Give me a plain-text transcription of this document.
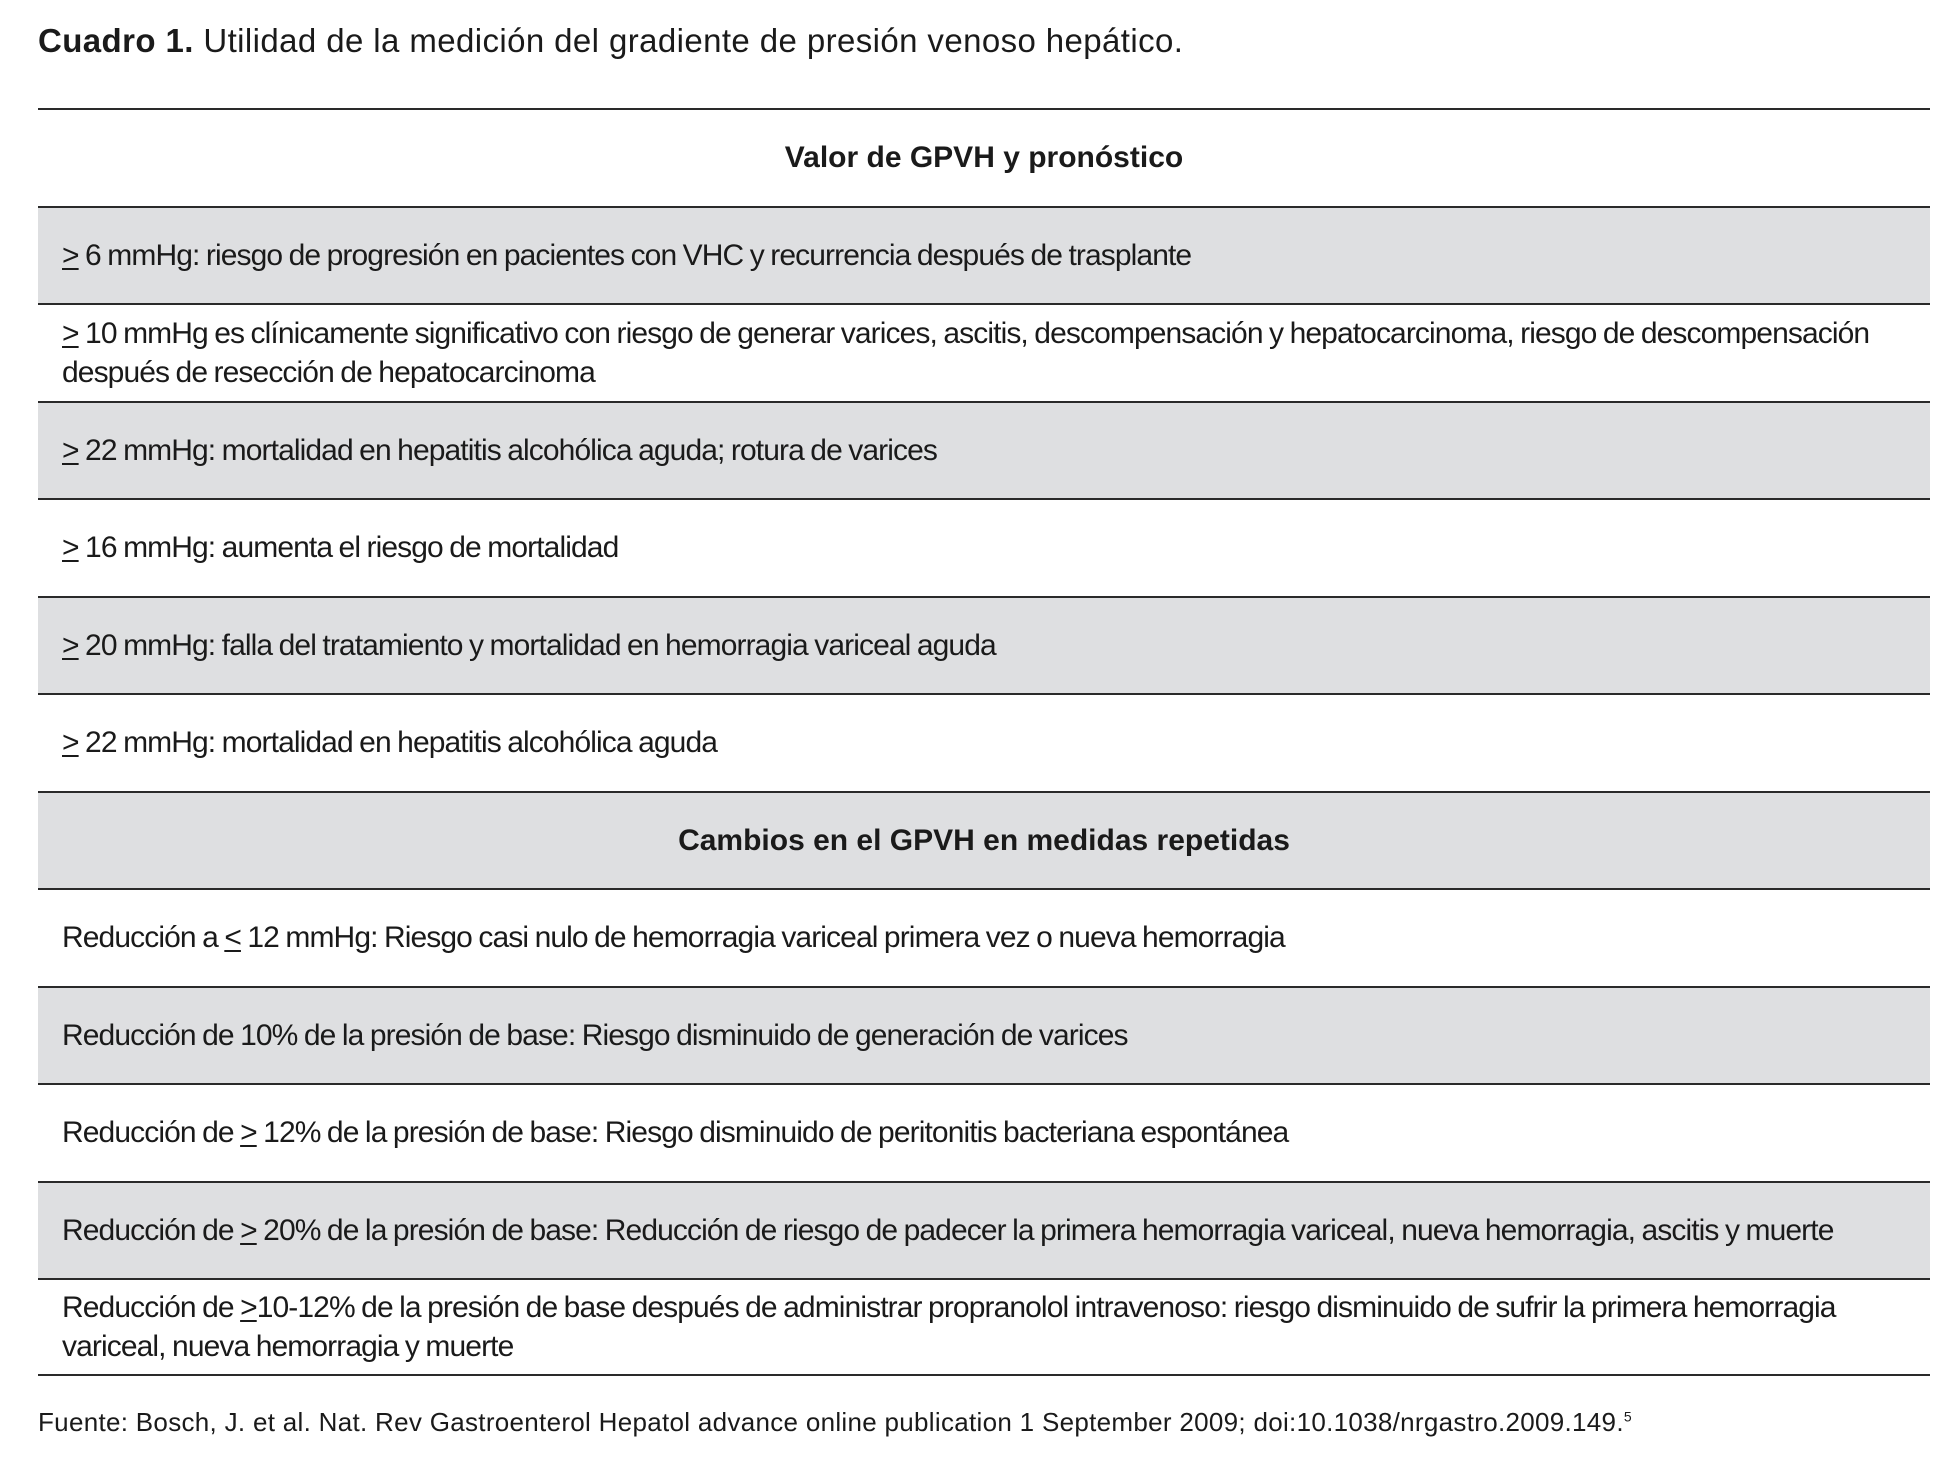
Cuadro 1. Utilidad de la medición del gradiente de presión venoso hepático.
Valor de GPVH y pronóstico
≥ 6 mmHg: riesgo de progresión en pacientes con VHC y recurrencia después de trasplante
≥ 10 mmHg es clínicamente significativo con riesgo de generar varices, ascitis, descompensación y hepatocarcinoma, riesgo de descompensación después de resección de hepatocarcinoma
≥ 22 mmHg: mortalidad en hepatitis alcohólica aguda; rotura de varices
≥ 16 mmHg: aumenta el riesgo de mortalidad
≥ 20 mmHg: falla del tratamiento y mortalidad en hemorragia variceal aguda
≥ 22 mmHg: mortalidad en hepatitis alcohólica aguda
Cambios en el GPVH en medidas repetidas
Reducción a ≤ 12 mmHg: Riesgo casi nulo de hemorragia variceal primera vez o nueva hemorragia
Reducción de 10% de la presión de base: Riesgo disminuido de generación de varices
Reducción de ≥ 12% de la presión de base: Riesgo disminuido de peritonitis bacteriana espontánea
Reducción de ≥ 20% de la presión de base: Reducción de riesgo de padecer la primera hemorragia variceal, nueva hemorragia, ascitis y muerte
Reducción de ≥10-12% de la presión de base después de administrar propranolol intravenoso: riesgo disminuido de sufrir la primera hemorragia variceal, nueva hemorragia y muerte
Fuente: Bosch, J. et al. Nat. Rev Gastroenterol Hepatol advance online publication 1 September 2009; doi:10.1038/nrgastro.2009.149.$^5$
